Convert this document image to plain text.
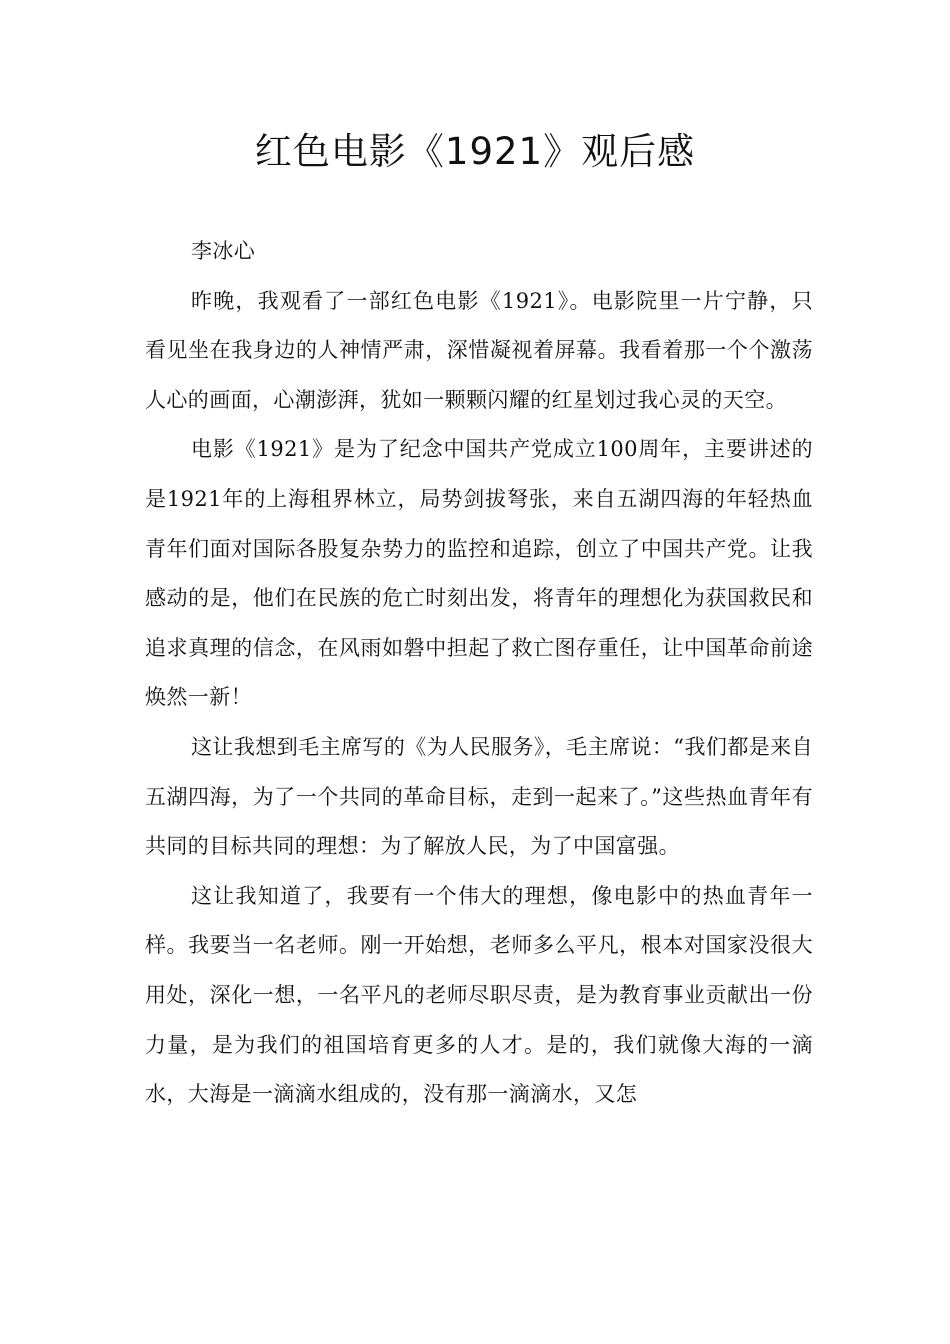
红色电影《1921》观后感

李冰心

昨晚，我观看了一部红色电影《1921》。电影院里一片宁静，只看见坐在我身边的人神情严肃，深惜凝视着屏幕。我看着那一个个激荡人心的画面，心潮澎湃，犹如一颗颗闪耀的红星划过我心灵的天空。

电影《1921》是为了纪念中国共产党成立100周年，主要讲述的是1921年的上海租界林立，局势剑拔弩张，来自五湖四海的年轻热血青年们面对国际各股复杂势力的监控和追踪，创立了中国共产党。让我感动的是，他们在民族的危亡时刻出发，将青年的理想化为获国救民和追求真理的信念，在风雨如磐中担起了救亡图存重任，让中国革命前途焕然一新！

这让我想到毛主席写的《为人民服务》，毛主席说：“我们都是来自五湖四海，为了一个共同的革命目标，走到一起来了。”这些热血青年有共同的目标共同的理想：为了解放人民，为了中国富强。

这让我知道了，我要有一个伟大的理想，像电影中的热血青年一样。我要当一名老师。刚一开始想，老师多么平凡，根本对国家没很大用处，深化一想，一名平凡的老师尽职尽责，是为教育事业贡献出一份力量，是为我们的祖国培育更多的人才。是的，我们就像大海的一滴水，大海是一滴滴水组成的，没有那一滴滴水，又怎
